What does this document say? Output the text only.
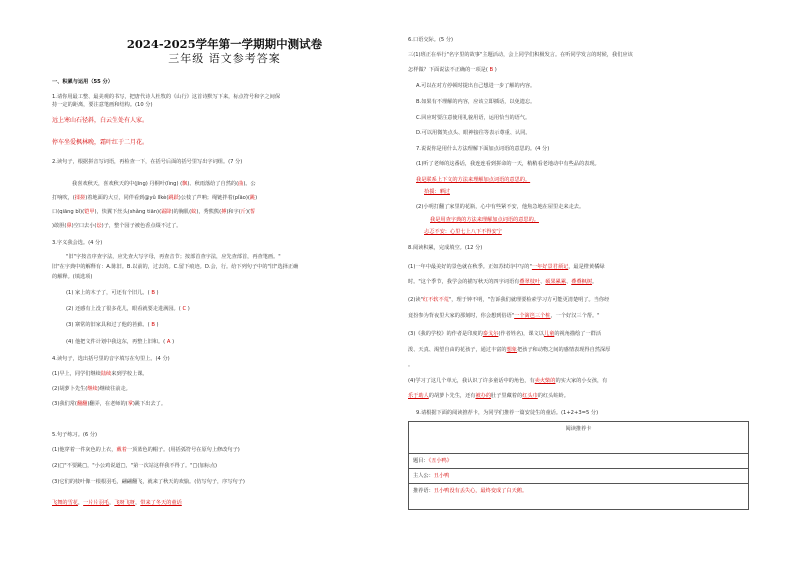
2024-2025学年第一学期期中测试卷
三年级 语文参考答案
一、积累与运用（55 分）
1.请你用最工整、最美观的书写，把唐代诗人杜牧的《山行》这首诗默写下来，标点符号和字之间保
持一定的距离，要注意笔画和结构。(10 分)
远上寒山石径斜，白云生处有人家。
停车坐爱枫林晚，霜叶红于二月花。
2.读句子，根据拼音写词语，再检查一下，在括号后面的括号里写出字词组。(7 分)
我喜欢秋天，喜欢秋天的中(jīng) 丹桐叶(lìng) (飘)、秋雨落给了自然的(曲)。公
打响吹，(揉搓)着地面的大豆，同伴看到@yǔ lǐkè(跳跃)公枝了声呐；绳链拌着(pǐāo)(跳)
口(qiāng bǐ)(铠甲)，快翼下丝头(shǎng tiān)(霜降)的胸肌(蚊)，秀熊熊(搏)和字(斤)(誓
)敢胆(鼻)空口去小(讼)子，整个园子被色香点缀不过了。
3.字义我会选。(4 分)
"旧"字按音序查字法，应先查大写字母，再查音节；按部首查字法，应先查部首，再查笔画。"
旧"在字典中的解释有：A.陈旧。B.以前的，过去的。C.留下痕迹。D.会，行。给下列句子中的"旧"选择正确
的解释。(填选项)
(1) 家上的木子了，可还有个旧儿。( B )
(2) 还感有上没了很多花儿，眼看就要走进满园。( C )
(3) 寨常的旧家具和过了他的苔藓。( B )
(4) 他把文件计划中我这东，再整上旧和。( A )
4.读句子，选出括号里的音字填写在句里上。(4 分)
(1)早上，同学们继续陆续来到学校上课。
(2)胡萝卜先生(继续)继续往前走。
(3)我们常(翻翻)翻弄，在老师的(掌)跳下出去了。
5.句子练习。(6 分)
(1)他穿着一件灰色的上衣，戴着一顶蓝色的帽子。(用括弧符号在原句上修改句子)
(2)□"不要跳□，"小公鸡说道□，"第一次站这样我不得了。"□(加标点)
(3)它们的枝叶像一根根羽毛，翩翩翻飞，就来了秋天的欢愉。(仿写句子，序写句子)
飞舞的雪花，一片片羽毛，飞呀飞呀，带来了冬天的童话
6.口语交际。(5 分)
三(1)班正在举行"名字里的故事"主题活动，会上同学们积极发言。在听同学发言的时候，我们应该
怎样做？下面说法不正确的一项是( B )
A.可以在对方停顿时提出自己想进一步了解的内容。
B.如果有不理解的内容，应该立即插话，以免遗忘。
C.回应时要注意使用礼貌用语，运用恰当的语气。
D.可以用微笑点头、眼神接往等表示尊重、认同。
7.说说你是用什么方法理解下面加点词语的意思的。(4 分)
(1)听了老师的这番话，我连连看到拼命的一天，稍稍看老地动中有些品的表现。
我是联系上下文的方法来理解加点词语的意思的。
拾援：晒过
(2)小明打翻了家里的花瓶，心中有些紧不安，他焦急地在屋里走来走去。
我是用查字典的方法来理解加点词语的意思的。
忐忑不安：心里七上八下不得安宁
8.阅读积累，完成填空。(12 分)
(1)一年中最美好的景色就在秋季。正如苏轼诗中写的"一年好景君须记，最是橙黄橘绿
时。"这个季节，我学会的描写秋天的四字词语有叠翠枝叶、硕果累累、叠叠枫树。
(2)读"红不软不荒"，理于钟不明，"告诉我们就理要检索学习方可能更清楚明了。当你经
竟扮参为背夜里大家的那刻时，你会想到俗语"一个篱笆三个桩，一个好汉三个帮。"
(3)《我的学校》的作者是印度的泰戈尔(作者姓名)，课文以儿童的视角描绘了一群活
泼、天真、渴望自由的花孩子，通过丰富的想象把孩子和动物之间的感情表现得自然深厚
。
(4)学习了这几个单元，我认识了许多童话中的角色，有卖火柴的的实大家的小女孩，有
乐于助人的胡萝卜先生，还有被办的肚子里藏着的红头巾的红头蛀蛉。
9.请根据下面的阅读推荐卡，为同学们推荐一篇安徒生的童话。(1+2+3=5 分)
阅读推荐卡
题目：《丑小鸭》
主人公：丑小鸭
推荐语：丑小鸭没有丢失心，最终变成了白天鹅。
